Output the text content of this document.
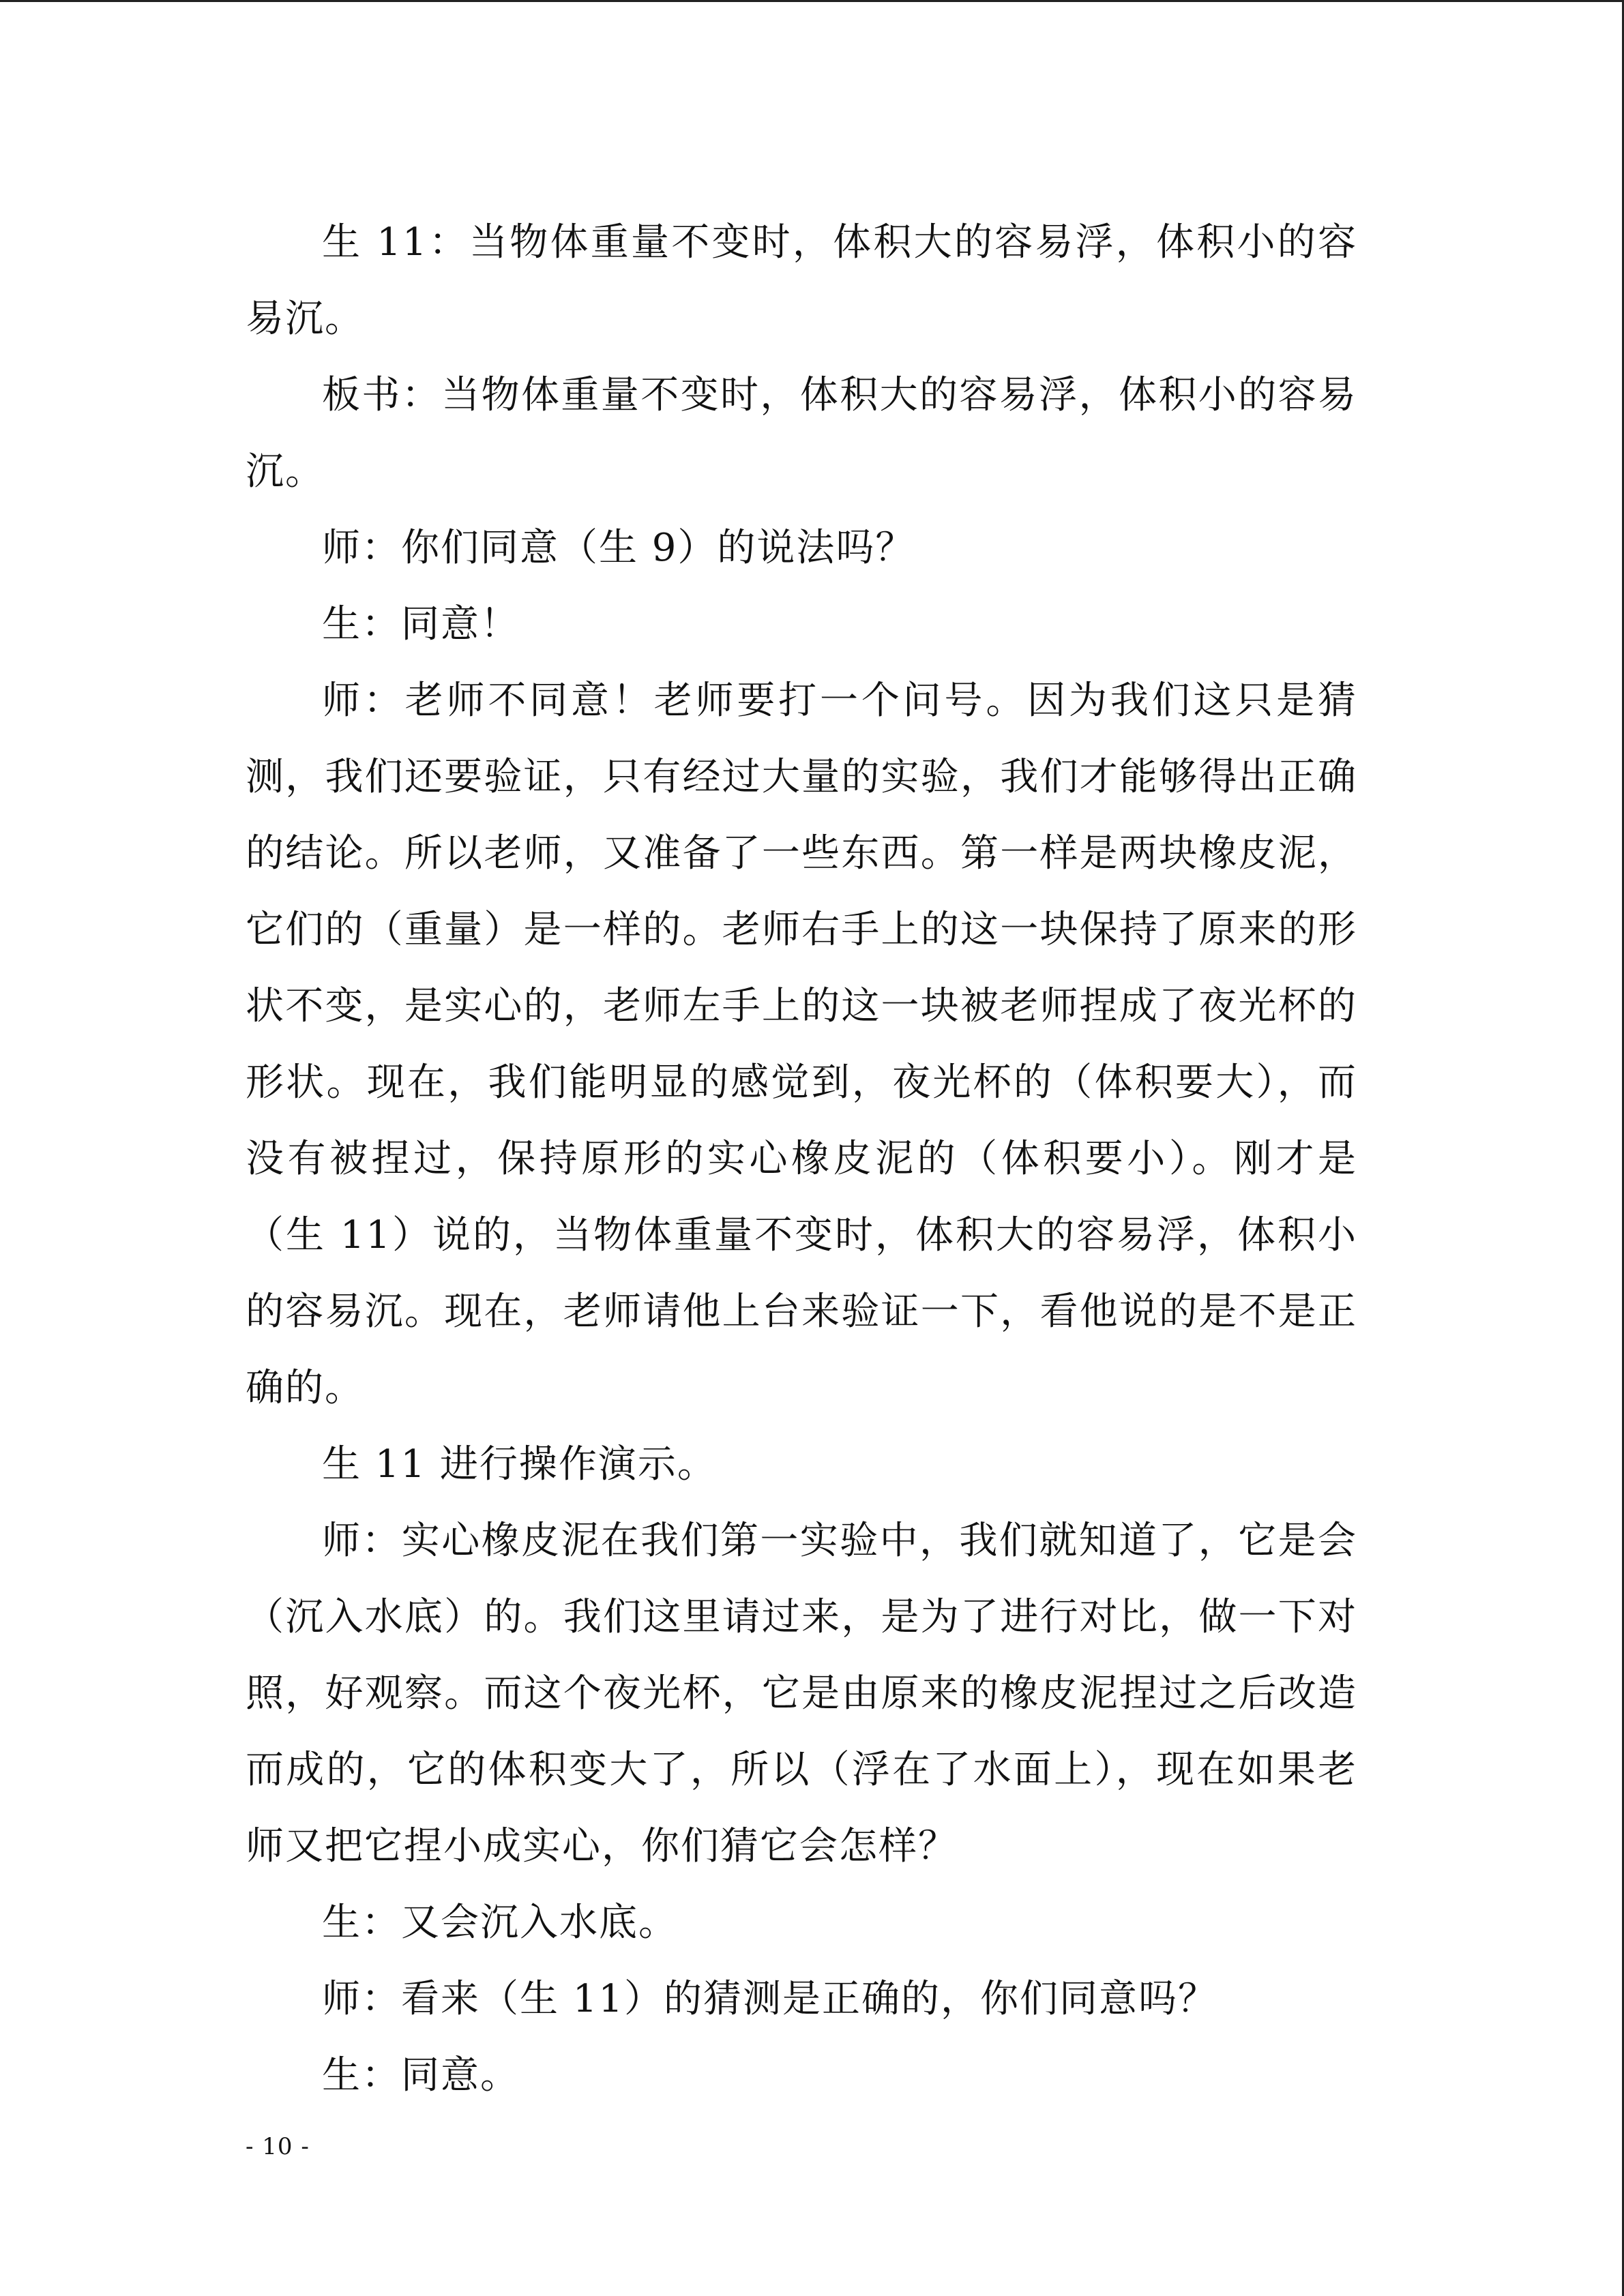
生 11：当物体重量不变时，体积大的容易浮，体积小的容易沉。

板书：当物体重量不变时，体积大的容易浮，体积小的容易沉。

师：你们同意（生 9）的说法吗？

生：同意！

师：老师不同意！老师要打一个问号。因为我们这只是猜测，我们还要验证，只有经过大量的实验，我们才能够得出正确的结论。所以老师，又准备了一些东西。第一样是两块橡皮泥，它们的（重量）是一样的。老师右手上的这一块保持了原来的形状不变，是实心的，老师左手上的这一块被老师捏成了夜光杯的形状。现在，我们能明显的感觉到，夜光杯的（体积要大），而没有被捏过，保持原形的实心橡皮泥的（体积要小）。刚才是（生 11）说的，当物体重量不变时，体积大的容易浮，体积小的容易沉。现在，老师请他上台来验证一下，看他说的是不是正确的。

生 11 进行操作演示。

师：实心橡皮泥在我们第一实验中，我们就知道了，它是会（沉入水底）的。我们这里请过来，是为了进行对比，做一下对照，好观察。而这个夜光杯，它是由原来的橡皮泥捏过之后改造而成的，它的体积变大了，所以（浮在了水面上），现在如果老师又把它捏小成实心，你们猜它会怎样？

生：又会沉入水底。

师：看来（生 11）的猜测是正确的，你们同意吗？

生：同意。

- 10 -
